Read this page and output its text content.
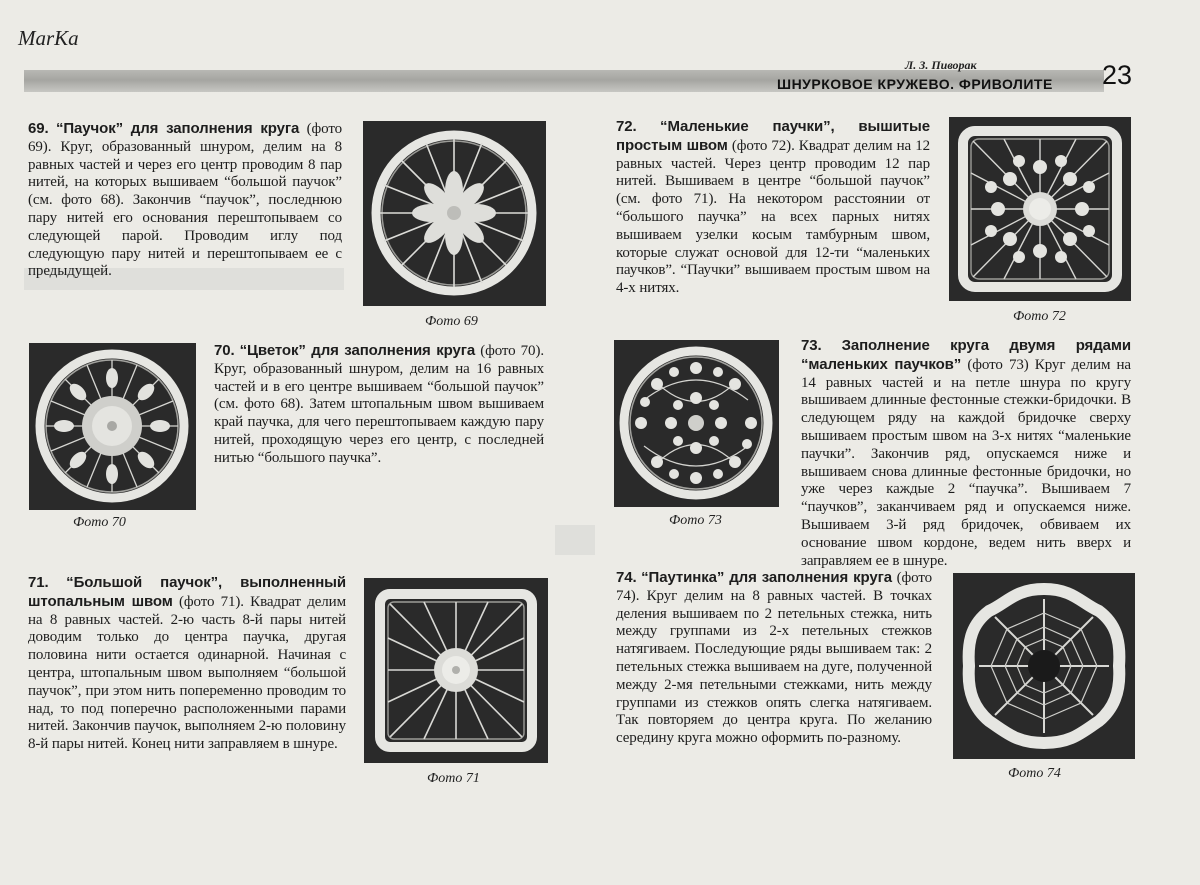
MarKa
Л. З. Пиворак
ШНУРКОВОЕ КРУЖЕВО. ФРИВОЛИТЕ 23
69. “Паучок” для заполнения круга (фото 69). Круг, образованный шнуром, делим на 8 равных частей и через его центр проводим 8 пар нитей, на которых вышиваем “большой паучок” (см. фото 68). Закончив “паучок”, последнюю пару нитей его основания перештопываем со следующей парой. Проводим иглу под следующую пару нитей и перештопываем ее с предыдущей.
Фото 69
Фото 70
70. “Цветок” для заполнения круга (фото 70). Круг, образованный шнуром, делим на 16 равных частей и в его центре вышиваем “большой паучок” (см. фото 68). Затем штопальным швом вышиваем край паучка, для чего перештопываем каждую пару нитей, проходящую через его центр, с последней нитью “большого паучка”.
71. “Большой паучок”, выполненный штопальным швом (фото 71). Квадрат делим на 8 равных частей. 2-ю часть 8-й пары нитей доводим только до центра паучка, другая половина нити остается одинарной. Начиная с центра, штопальным швом выполняем “большой паучок”, при этом нить попеременно проводим то над, то под поперечно расположенными парами нитей. Закончив паучок, выполняем 2-ю половину 8-й пары нитей. Конец нити заправляем в шнуре.
Фото 71
72. “Маленькие паучки”, вышитые простым швом (фото 72). Квадрат делим на 12 равных частей. Через центр проводим 12 пар нитей. Вышиваем в центре “большой паучок” (см. фото 71). На некотором расстоянии от “большого паучка” на всех парных нитях вышиваем узелки косым тамбурным швом, которые служат основой для 12-ти “маленьких паучков”. “Паучки” вышиваем простым швом на 4-х нитях.
Фото 72
Фото 73
73. Заполнение круга двумя рядами “маленьких паучков” (фото 73) Круг делим на 14 равных частей и на петле шнура по кругу вышиваем длинные фестонные стежки-бридочки. В следующем ряду на каждой бридочке сверху вышиваем простым швом на 3-х нитях “маленькие паучки”. Закончив ряд, опускаемся ниже и вышиваем снова длинные фестонные бридочки, но уже через каждые 2 “паучка”. Вышиваем 7 “паучков”, заканчиваем ряд и опускаемся ниже. Вышиваем 3-й ряд бридочек, обвиваем их основание швом кордоне, ведем нить вверх и заправляем ее в шнуре.
74. “Паутинка” для заполнения круга (фото 74). Круг делим на 8 равных частей. В точках деления вышиваем по 2 петельных стежка, нить между группами из 2-х петельных стежков натягиваем. Последующие ряды вышиваем так: 2 петельных стежка вышиваем на дуге, полученной между 2-мя петельными стежками, нить между группами из стежков опять слегка натягиваем. Так повторяем до центра круга. По желанию середину круга можно оформить по-разному.
Фото 74
